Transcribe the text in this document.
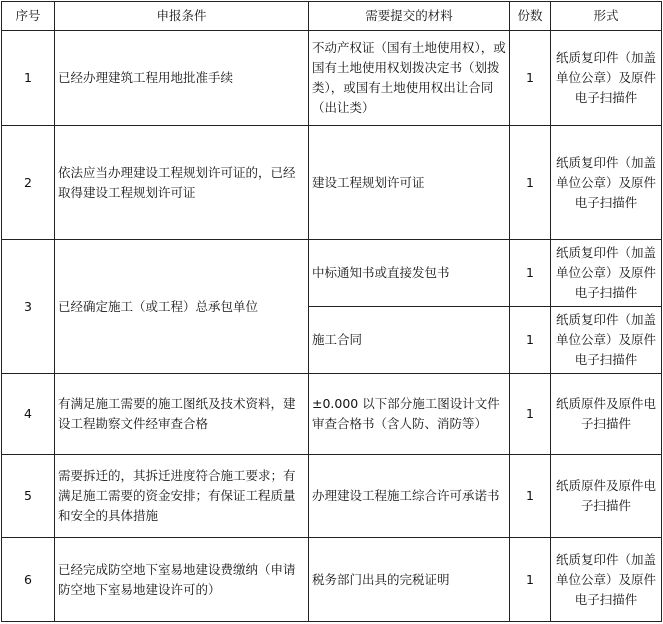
序号	申报条件	需要提交的材料	份数	形式
1	已经办理建筑工程用地批准手续	不动产权证（国有土地使用权），或国有土地使用权划拨决定书（划拨类），或国有土地使用权出让合同（出让类）	1	纸质复印件（加盖单位公章）及原件电子扫描件
2	依法应当办理建设工程规划许可证的，已经取得建设工程规划许可证	建设工程规划许可证	1	纸质复印件（加盖单位公章）及原件电子扫描件
3	已经确定施工（或工程）总承包单位	中标通知书或直接发包书	1	纸质复印件（加盖单位公章）及原件电子扫描件
		施工合同	1	纸质复印件（加盖单位公章）及原件电子扫描件
4	有满足施工需要的施工图纸及技术资料，建设工程勘察文件经审查合格	±0.000 以下部分施工图设计文件审查合格书（含人防、消防等）	1	纸质原件及原件电子扫描件
5	需要拆迁的，其拆迁进度符合施工要求；有满足施工需要的资金安排；有保证工程质量和安全的具体措施	办理建设工程施工综合许可承诺书	1	纸质原件及原件电子扫描件
6	已经完成防空地下室易地建设费缴纳（申请防空地下室易地建设许可的）	税务部门出具的完税证明	1	纸质复印件（加盖单位公章）及原件电子扫描件
